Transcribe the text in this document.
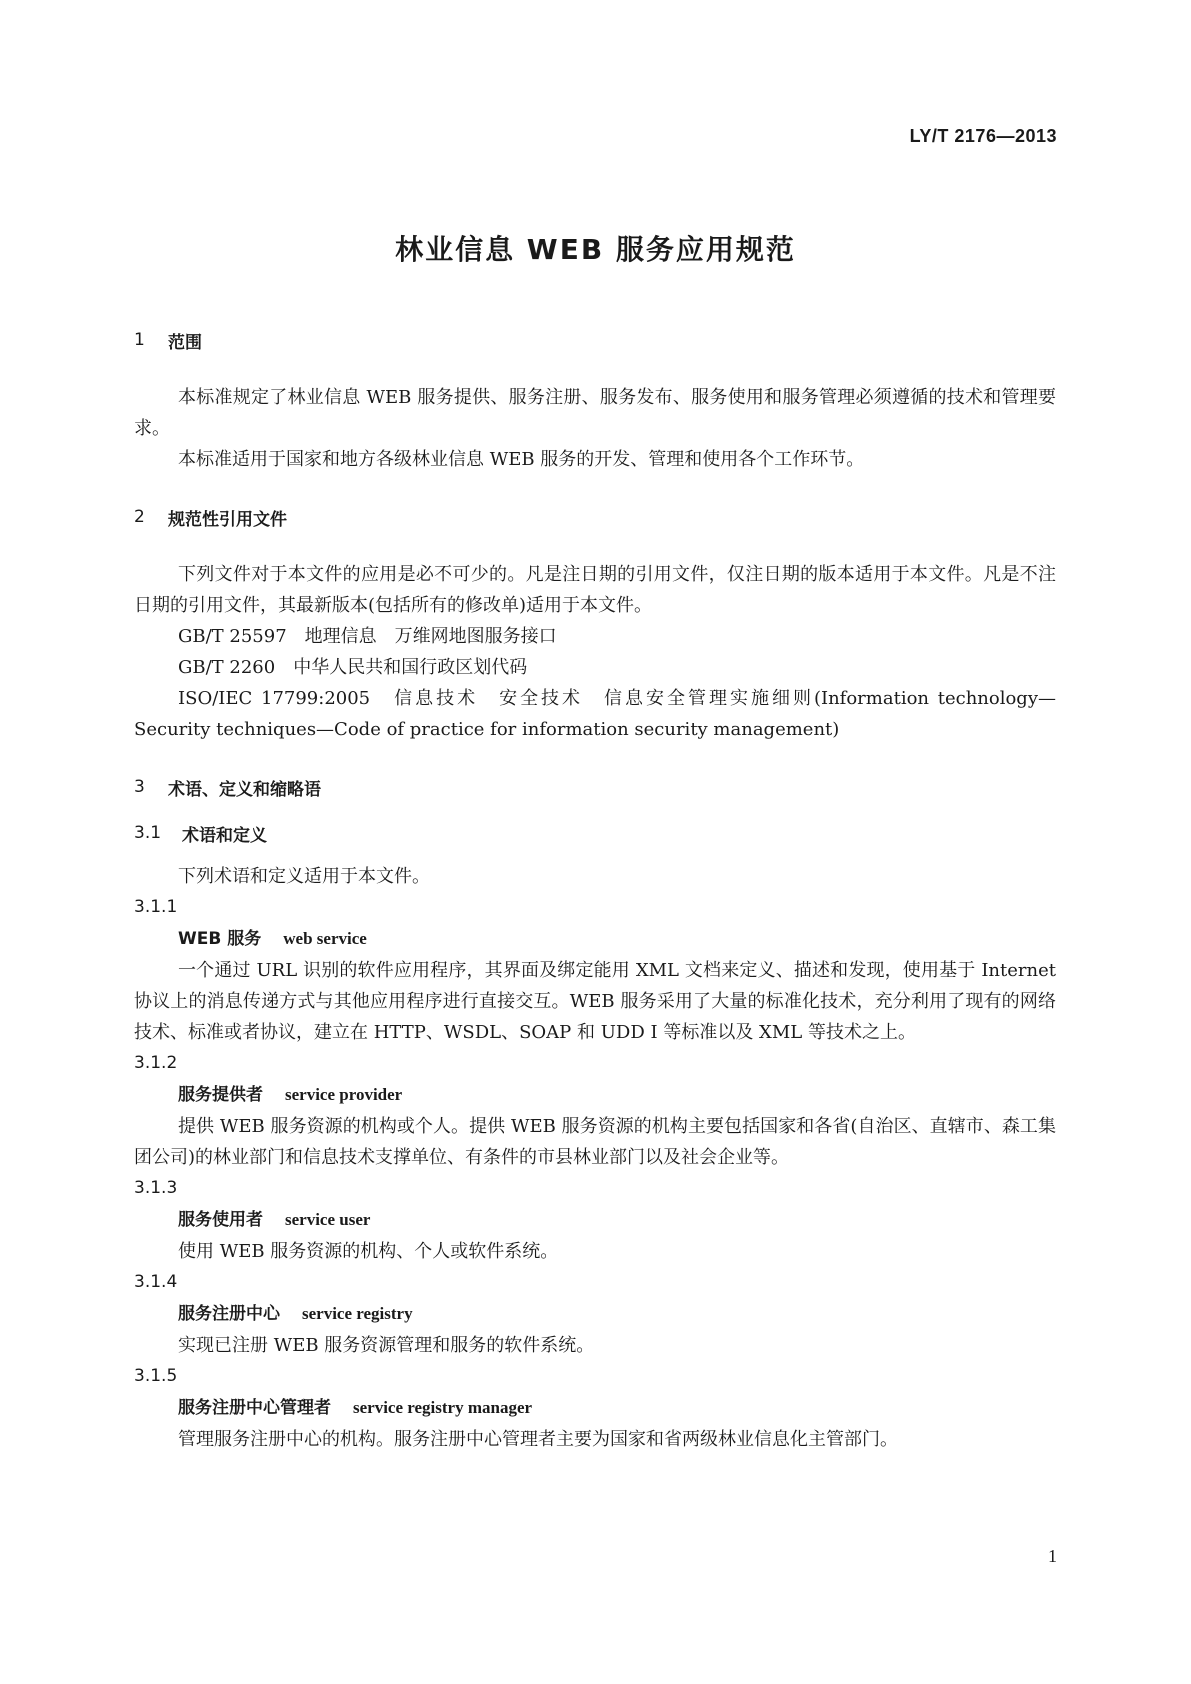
LY/T 2176—2013
林业信息 WEB 服务应用规范
1	范围

本标准规定了林业信息 WEB 服务提供、服务注册、服务发布、服务使用和服务管理必须遵循的技术和管理要求。

本标准适用于国家和地方各级林业信息 WEB 服务的开发、管理和使用各个工作环节。

2	规范性引用文件

下列文件对于本文件的应用是必不可少的。凡是注日期的引用文件，仅注日期的版本适用于本文件。凡是不注日期的引用文件，其最新版本(包括所有的修改单)适用于本文件。

GB/T 25597　地理信息　万维网地图服务接口

GB/T 2260　中华人民共和国行政区划代码

ISO/IEC 17799:2005　信息技术　安全技术　信息安全管理实施细则(Information technology—Security techniques—Code of practice for information security management)

3	术语、定义和缩略语
3.1	术语和定义

下列术语和定义适用于本文件。

3.1.1
WEB 服务 web service

一个通过 URL 识别的软件应用程序，其界面及绑定能用 XML 文档来定义、描述和发现，使用基于 Internet 协议上的消息传递方式与其他应用程序进行直接交互。WEB 服务采用了大量的标准化技术，充分利用了现有的网络技术、标准或者协议，建立在 HTTP、WSDL、SOAP 和 UDD I 等标准以及 XML 等技术之上。

3.1.2
服务提供者 service provider

提供 WEB 服务资源的机构或个人。提供 WEB 服务资源的机构主要包括国家和各省(自治区、直辖市、森工集团公司)的林业部门和信息技术支撑单位、有条件的市县林业部门以及社会企业等。

3.1.3
服务使用者 service user

使用 WEB 服务资源的机构、个人或软件系统。

3.1.4
服务注册中心 service registry

实现已注册 WEB 服务资源管理和服务的软件系统。

3.1.5
服务注册中心管理者 service registry manager

管理服务注册中心的机构。服务注册中心管理者主要为国家和省两级林业信息化主管部门。

1
